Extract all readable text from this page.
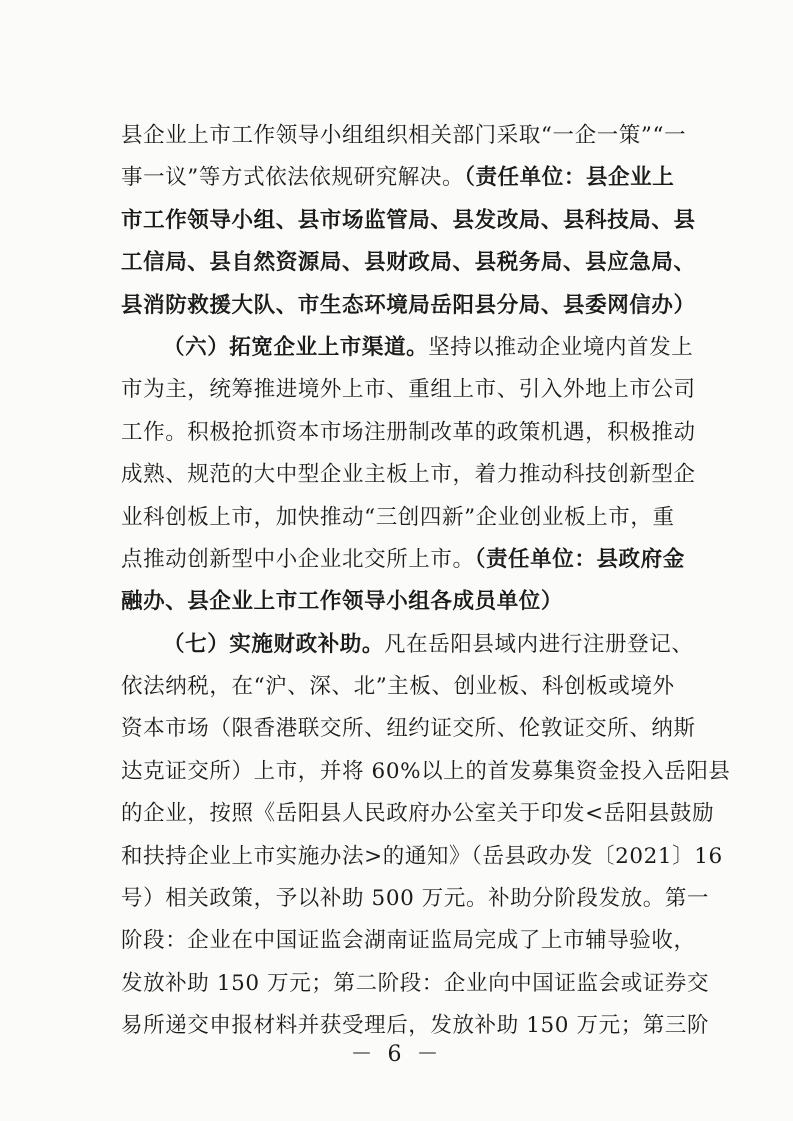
县企业上市工作领导小组组织相关部门采取“一企一策”“一
事一议”等方式依法依规研究解决。（责任单位：县企业上
市工作领导小组、县市场监管局、县发改局、县科技局、县
工信局、县自然资源局、县财政局、县税务局、县应急局、
县消防救援大队、市生态环境局岳阳县分局、县委网信办）
（六）拓宽企业上市渠道。坚持以推动企业境内首发上
市为主，统筹推进境外上市、重组上市、引入外地上市公司
工作。积极抢抓资本市场注册制改革的政策机遇，积极推动
成熟、规范的大中型企业主板上市，着力推动科技创新型企
业科创板上市，加快推动“三创四新”企业创业板上市，重
点推动创新型中小企业北交所上市。（责任单位：县政府金
融办、县企业上市工作领导小组各成员单位）
（七）实施财政补助。凡在岳阳县域内进行注册登记、
依法纳税，在“沪、深、北”主板、创业板、科创板或境外
资本市场（限香港联交所、纽约证交所、伦敦证交所、纳斯
达克证交所）上市，并将 60%以上的首发募集资金投入岳阳县
的企业，按照《岳阳县人民政府办公室关于印发<岳阳县鼓励
和扶持企业上市实施办法>的通知》（岳县政办发〔2021〕16
号）相关政策，予以补助 500 万元。补助分阶段发放。第一
阶段：企业在中国证监会湖南证监局完成了上市辅导验收，
发放补助 150 万元；第二阶段：企业向中国证监会或证券交
易所递交申报材料并获受理后，发放补助 150 万元；第三阶
－ 6 －
